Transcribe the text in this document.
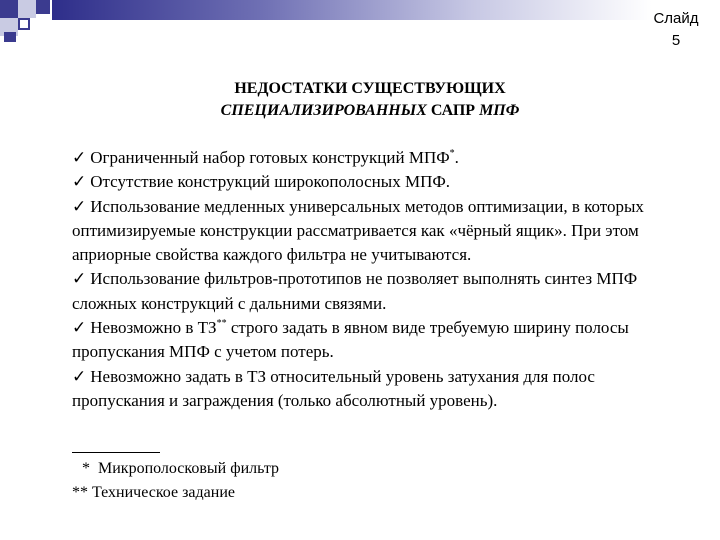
Слайд
5
НЕДОСТАТКИ СУЩЕСТВУЮЩИХ
СПЕЦИАЛИЗИРОВАННЫХ САПР МПФ

✓ Ограниченный набор готовых конструкций МПФ*.

✓ Отсутствие конструкций широкополосных МПФ.

✓ Использование медленных универсальных методов оптимизации, в которых оптимизируемые конструкции рассматривается как «чёрный ящик». При этом априорные свойства каждого фильтра не учитываются.

✓ Использование фильтров-прототипов не позволяет выполнять синтез МПФ сложных конструкций с дальними связями.

✓ Невозможно в ТЗ** строго задать в явном виде требуемую ширину полосы пропускания МПФ с учетом потерь.

✓ Невозможно задать в ТЗ относительный уровень затухания для полос пропускания и заграждения (только абсолютный уровень).

*  Микрополосковый фильтр
** Техническое задание
